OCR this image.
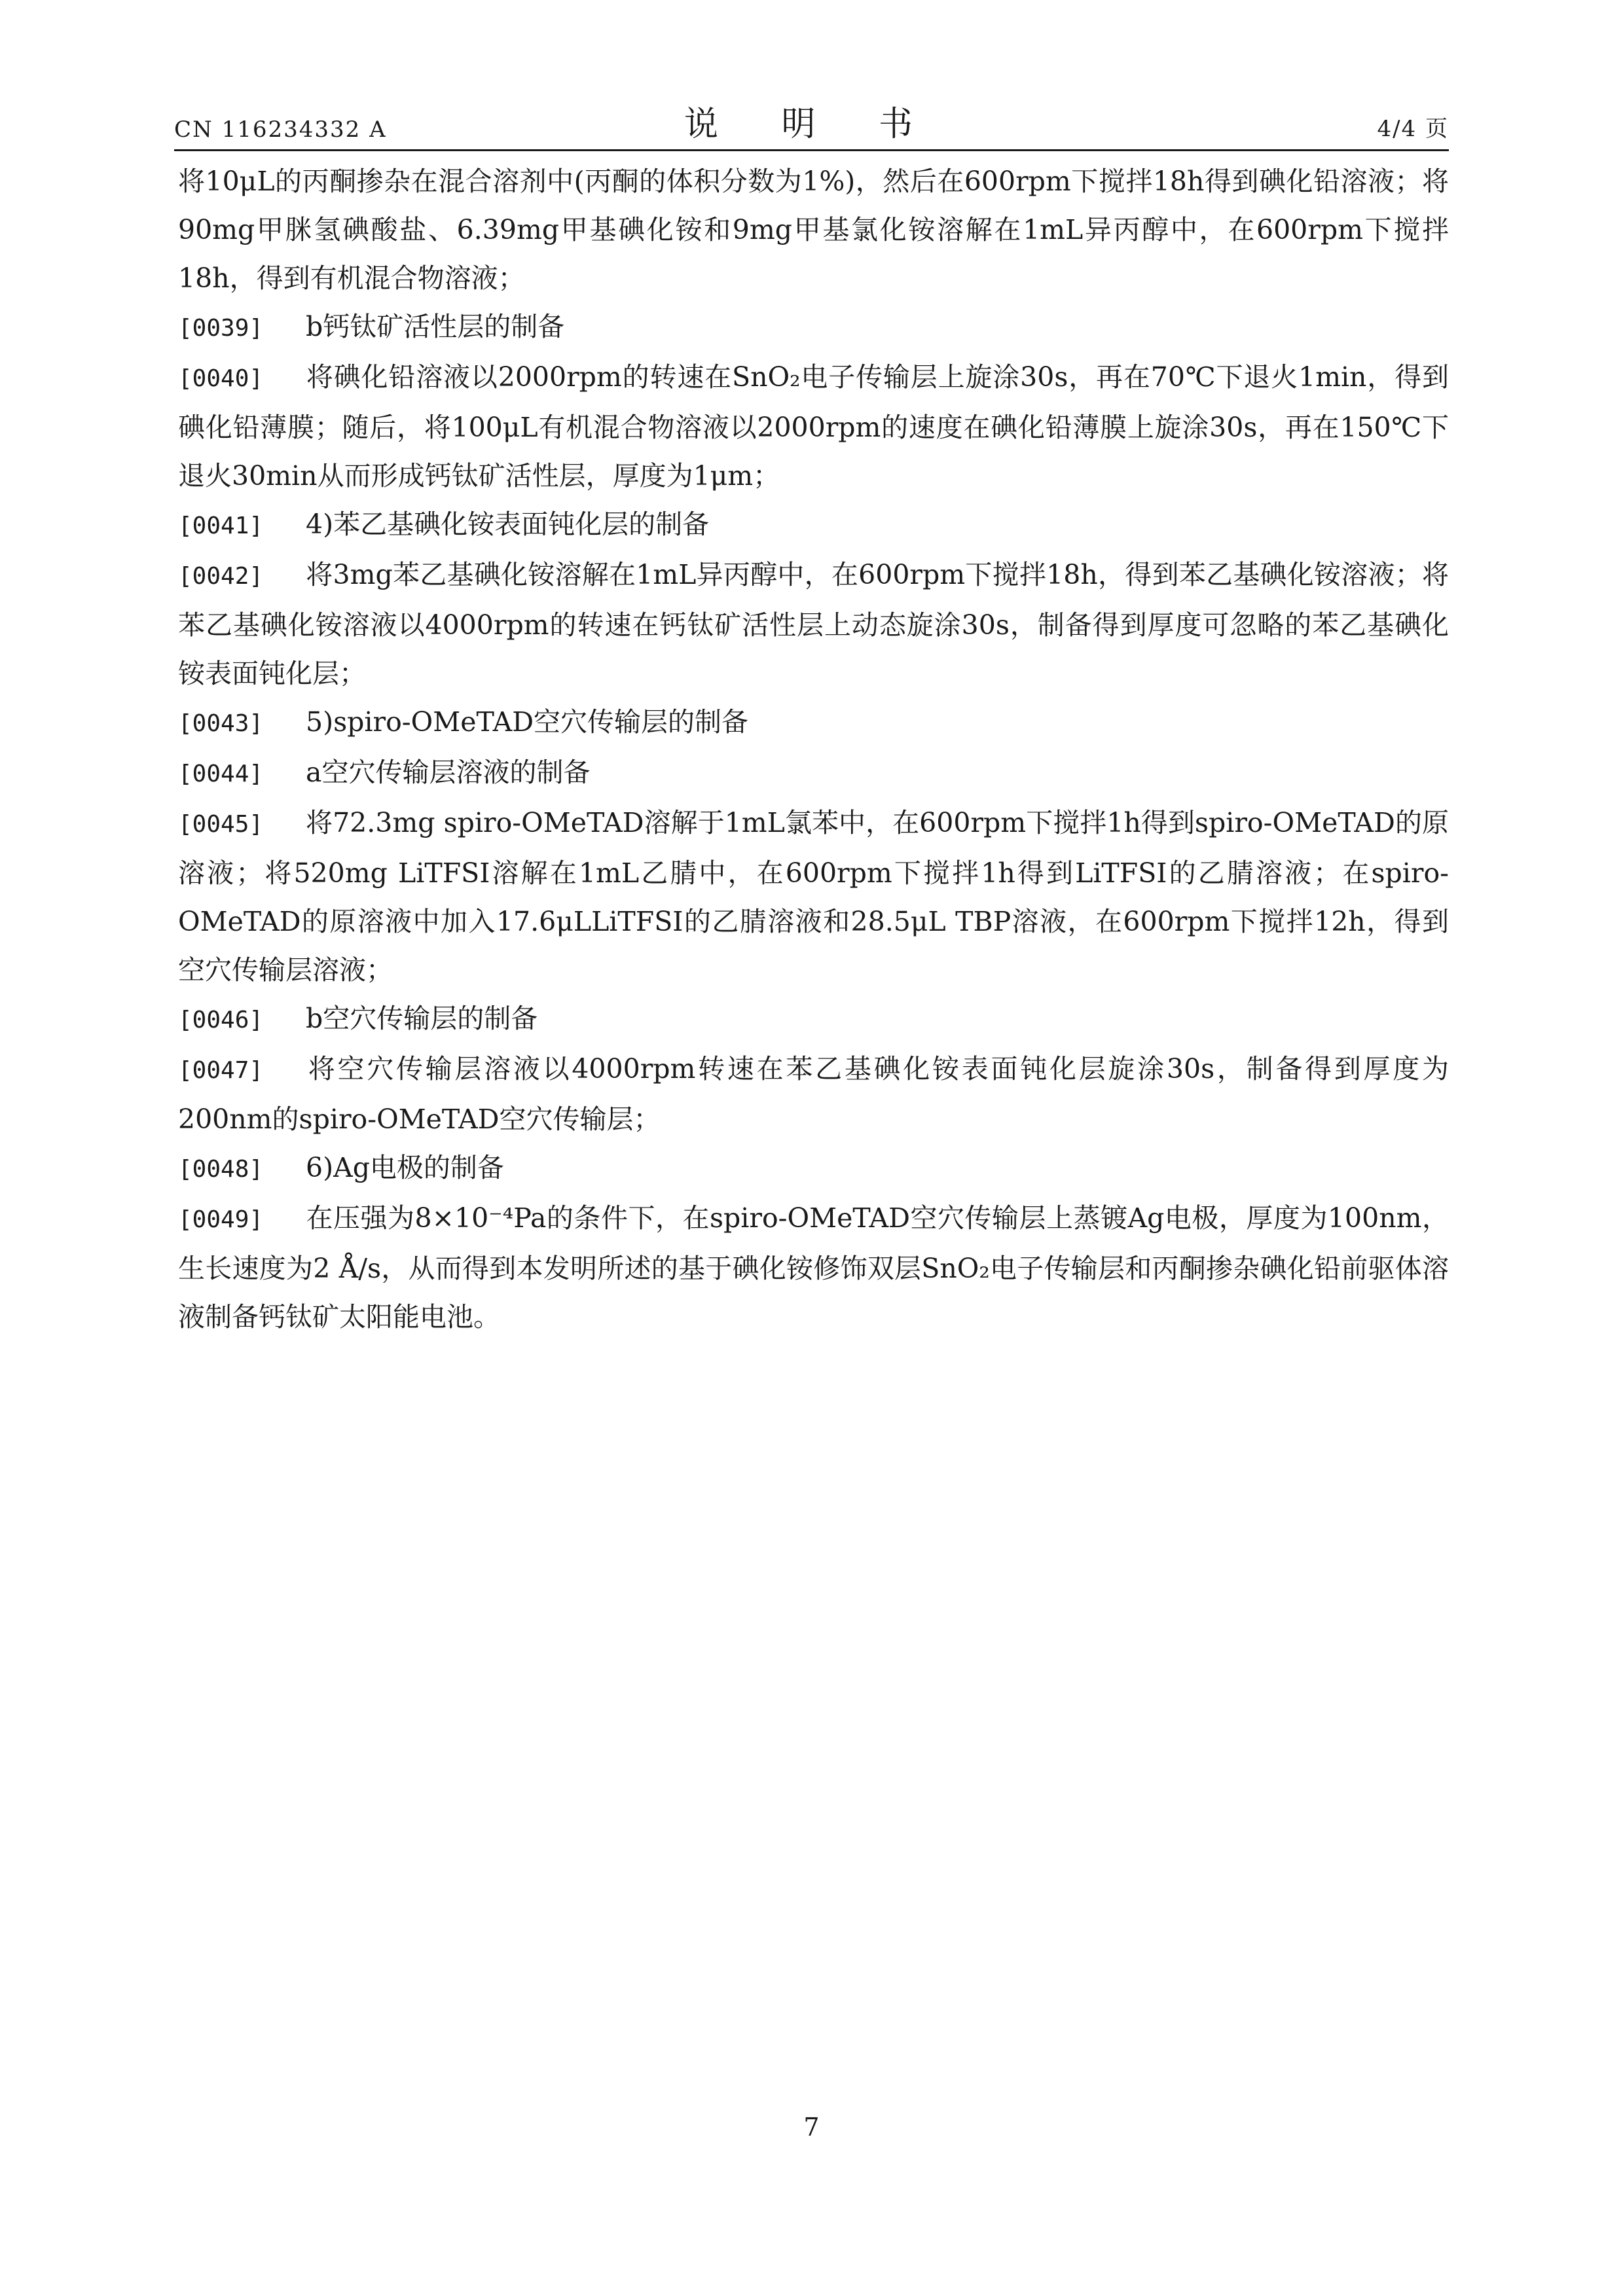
CN 116234332 A	说 明 书	4/4 页

将10μL的丙酮掺杂在混合溶剂中(丙酮的体积分数为1%)，然后在600rpm下搅拌18h得到碘化铅溶液；将90mg甲脒氢碘酸盐、6.39mg甲基碘化铵和9mg甲基氯化铵溶解在1mL异丙醇中，在600rpm下搅拌18h，得到有机混合物溶液；

[0039] b钙钛矿活性层的制备

[0040] 将碘化铅溶液以2000rpm的转速在SnO₂电子传输层上旋涂30s，再在70℃下退火1min，得到碘化铅薄膜；随后，将100μL有机混合物溶液以2000rpm的速度在碘化铅薄膜上旋涂30s，再在150℃下退火30min从而形成钙钛矿活性层，厚度为1μm；

[0041] 4)苯乙基碘化铵表面钝化层的制备

[0042] 将3mg苯乙基碘化铵溶解在1mL异丙醇中，在600rpm下搅拌18h，得到苯乙基碘化铵溶液；将苯乙基碘化铵溶液以4000rpm的转速在钙钛矿活性层上动态旋涂30s，制备得到厚度可忽略的苯乙基碘化铵表面钝化层；

[0043] 5)spiro-OMeTAD空穴传输层的制备

[0044] a空穴传输层溶液的制备

[0045] 将72.3mg spiro-OMeTAD溶解于1mL氯苯中，在600rpm下搅拌1h得到spiro-OMeTAD的原溶液；将520mg LiTFSI溶解在1mL乙腈中，在600rpm下搅拌1h得到LiTFSI的乙腈溶液；在spiro-OMeTAD的原溶液中加入17.6μLLiTFSI的乙腈溶液和28.5μL TBP溶液，在600rpm下搅拌12h，得到空穴传输层溶液；

[0046] b空穴传输层的制备

[0047] 将空穴传输层溶液以4000rpm转速在苯乙基碘化铵表面钝化层旋涂30s，制备得到厚度为200nm的spiro-OMeTAD空穴传输层；

[0048] 6)Ag电极的制备

[0049] 在压强为8×10⁻⁴Pa的条件下，在spiro-OMeTAD空穴传输层上蒸镀Ag电极，厚度为100nm，生长速度为2 Å/s，从而得到本发明所述的基于碘化铵修饰双层SnO₂电子传输层和丙酮掺杂碘化铅前驱体溶液制备钙钛矿太阳能电池。

7
